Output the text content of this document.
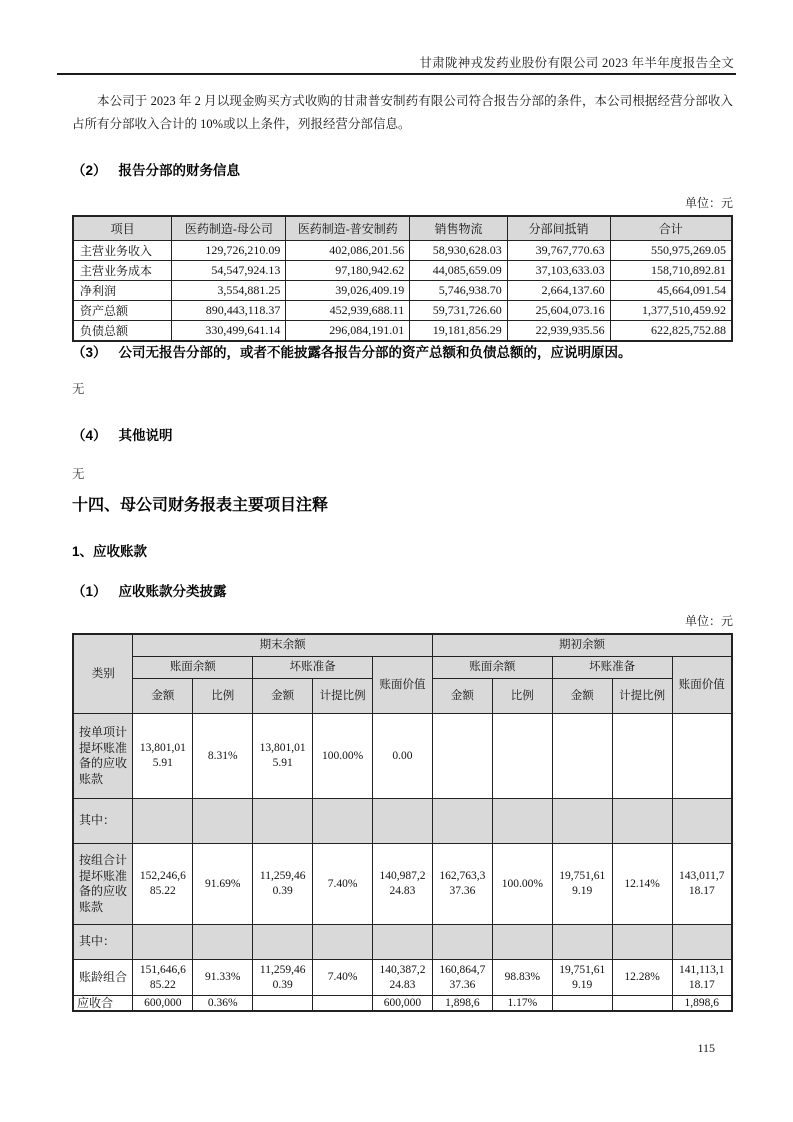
甘肃陇神戎发药业股份有限公司 2023 年半年度报告全文

本公司于 2023 年 2 月以现金购买方式收购的甘肃普安制药有限公司符合报告分部的条件，本公司根据经营分部收入占所有分部收入合计的 10%或以上条件，列报经营分部信息。

（2） 报告分部的财务信息
单位：元
项目	医药制造-母公司	医药制造-普安制药	销售物流	分部间抵销	合计
主营业务收入	129,726,210.09	402,086,201.56	58,930,628.03	39,767,770.63	550,975,269.05
主营业务成本	54,547,924.13	97,180,942.62	44,085,659.09	37,103,633.03	158,710,892.81
净利润	3,554,881.25	39,026,409.19	5,746,938.70	2,664,137.60	45,664,091.54
资产总额	890,443,118.37	452,939,688.11	59,731,726.60	25,604,073.16	1,377,510,459.92
负债总额	330,499,641.14	296,084,191.01	19,181,856.29	22,939,935.56	622,825,752.88
（3） 公司无报告分部的，或者不能披露各报告分部的资产总额和负债总额的，应说明原因。
无
（4） 其他说明
无
十四、母公司财务报表主要项目注释
1、应收账款
（1） 应收账款分类披露
单位：元
类别	期末余额					期初余额				
	账面余额		坏账准备		账面价值	账面余额		坏账准备		账面价值
	金额	比例	金额	计提比例		金额	比例	金额	计提比例	
按单项计提坏账准备的应收账款	13,801,015.91	8.31%	13,801,015.91	100.00%	0.00					
其中：										
按组合计提坏账准备的应收账款	152,246,685.22	91.69%	11,259,460.39	7.40%	140,987,224.83	162,763,337.36	100.00%	19,751,619.19	12.14%	143,011,718.17
其中：										
账龄组合	151,646,685.22	91.33%	11,259,460.39	7.40%	140,387,224.83	160,864,737.36	98.83%	19,751,619.19	12.28%	141,113,118.17
应收合	600,000	0.36%			600,000	1,898,6	1.17%			1,898,6
115
